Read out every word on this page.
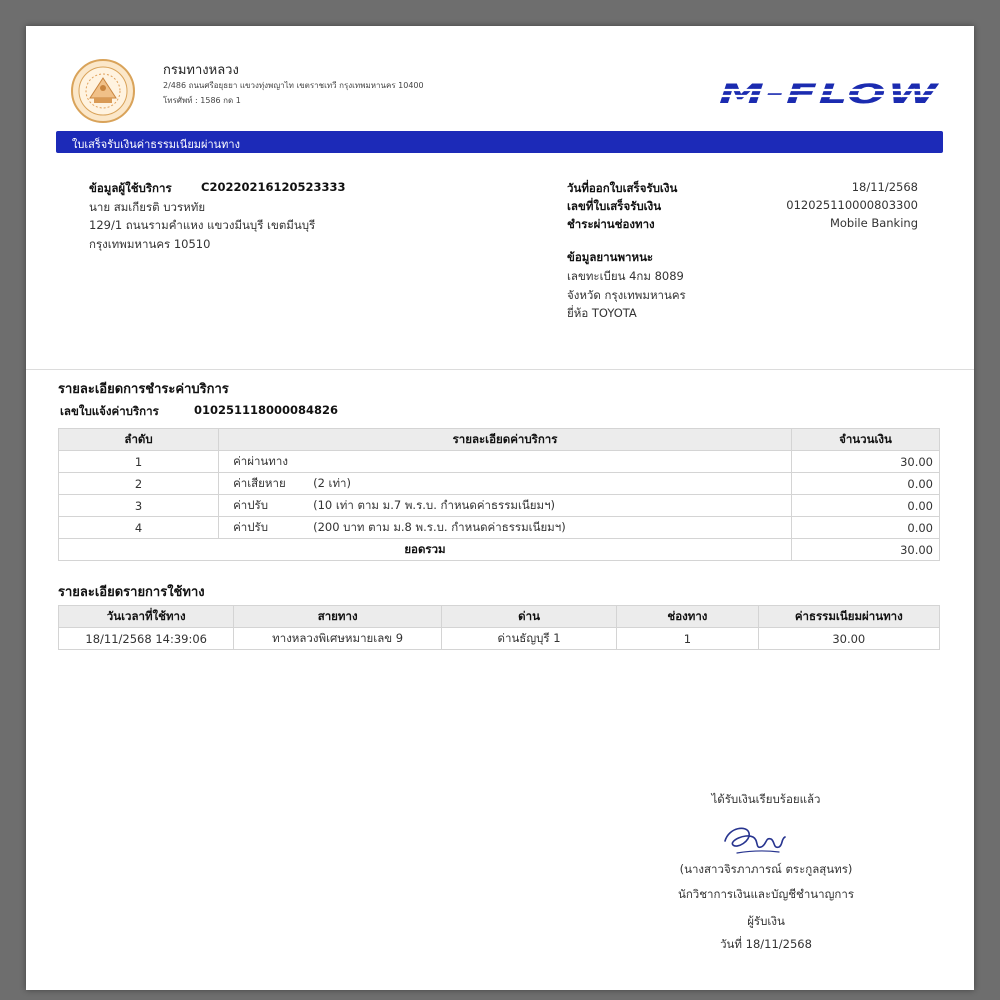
กรมทางหลวง
2/486 ถนนศรีอยุธยา แขวงทุ่งพญาไท เขตราชเทวี กรุงเทพมหานคร 10400
โทรศัพท์ : 1586 กด 1	M-FLOW
ใบเสร็จรับเงินค่าธรรมเนียมผ่านทาง
ข้อมูลผู้ใช้บริการ	C20220216120523333
นาย สมเกียรติ บวรหทัย
129/1 ถนนรามคำแหง แขวงมีนบุรี เขตมีนบุรี
กรุงเทพมหานคร 10510
วันที่ออกใบเสร็จรับเงิน	18/11/2568
เลขที่ใบเสร็จรับเงิน	012025110000803300
ชำระผ่านช่องทาง	Mobile Banking
ข้อมูลยานพาหนะ
เลขทะเบียน 4กม 8089
จังหวัด กรุงเทพมหานคร
ยี่ห้อ TOYOTA
รายละเอียดการชำระค่าบริการ
เลขใบแจ้งค่าบริการ	010251118000084826
ลำดับ	รายละเอียดค่าบริการ	จำนวนเงิน
1	ค่าผ่านทาง	30.00
2	ค่าเสียหาย (2 เท่า)	0.00
3	ค่าปรับ (10 เท่า ตาม ม.7 พ.ร.บ. กำหนดค่าธรรมเนียมฯ)	0.00
4	ค่าปรับ (200 บาท ตาม ม.8 พ.ร.บ. กำหนดค่าธรรมเนียมฯ)	0.00
ยอดรวม		30.00
รายละเอียดรายการใช้ทาง
วันเวลาที่ใช้ทาง	สายทาง	ด่าน	ช่องทาง	ค่าธรรมเนียมผ่านทาง
18/11/2568 14:39:06	ทางหลวงพิเศษหมายเลข 9	ด่านธัญบุรี 1	1	30.00
ได้รับเงินเรียบร้อยแล้ว
(นางสาวจิรภาภารณ์ ตระกูลสุนทร)
นักวิชาการเงินและบัญชีชำนาญการ
ผู้รับเงิน
วันที่ 18/11/2568
